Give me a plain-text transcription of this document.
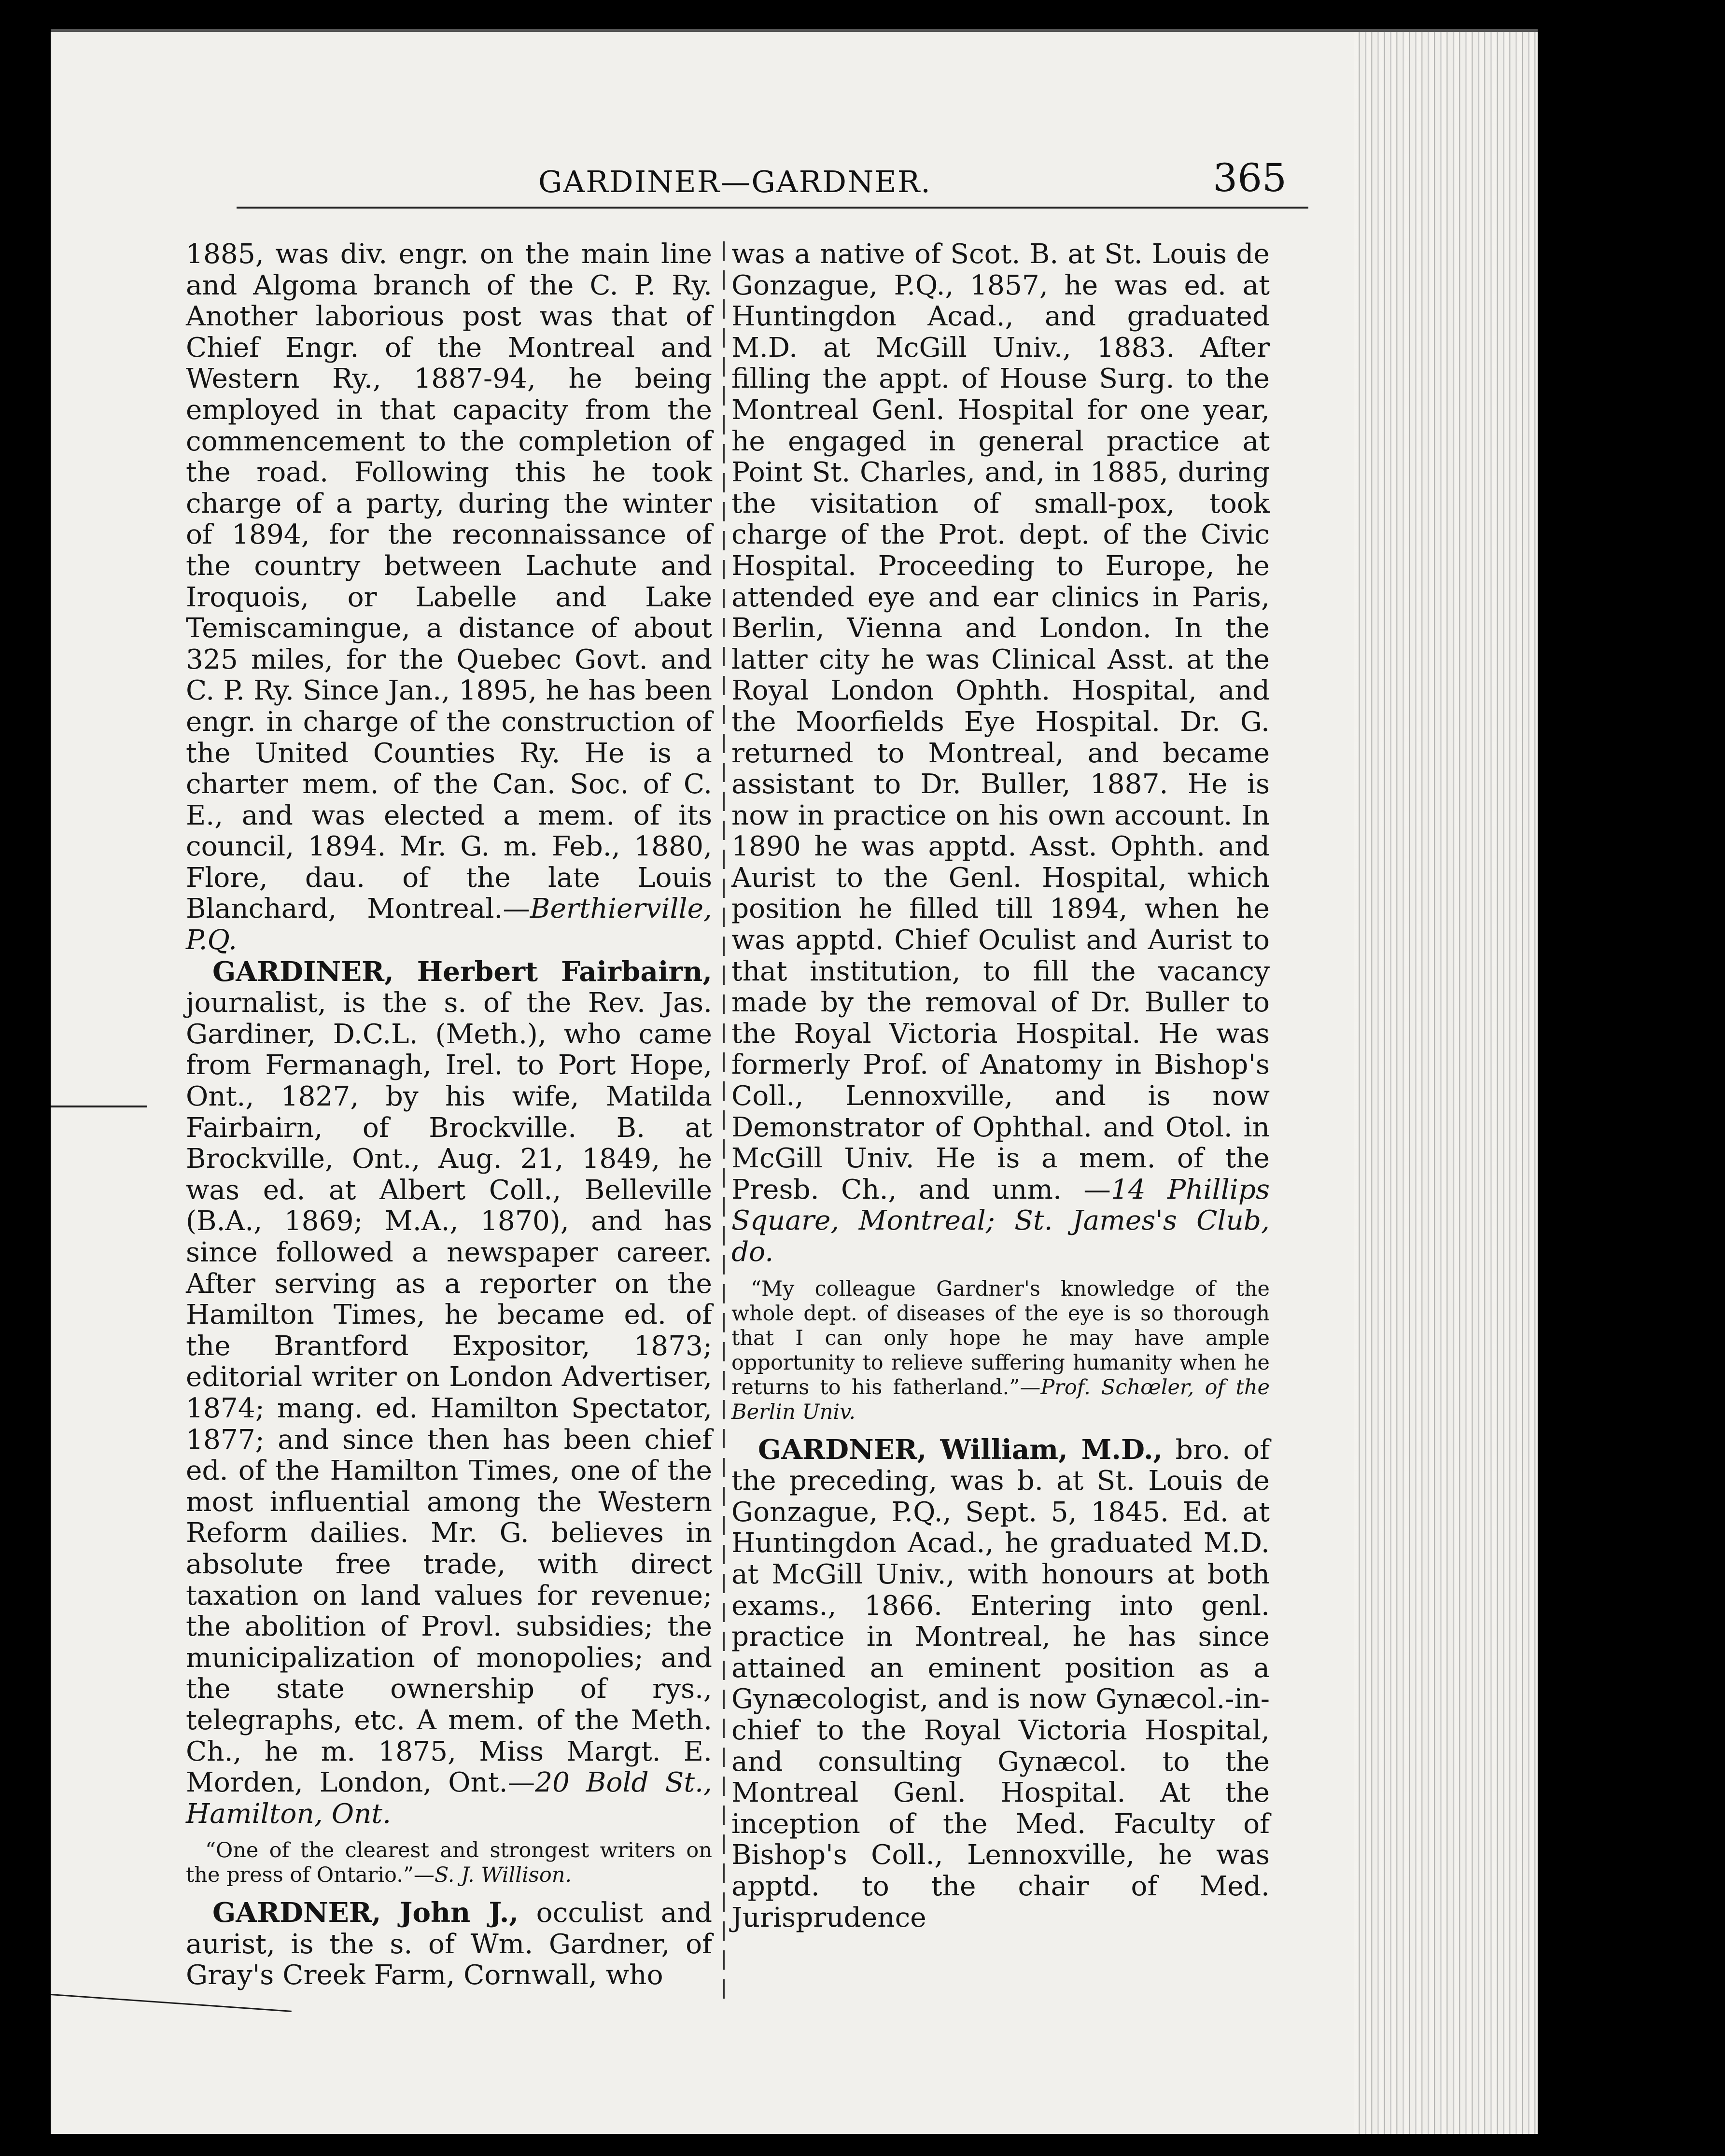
GARDINER—GARDNER.	365

1885, was div. engr. on the main line and Algoma branch of the C. P. Ry. Another laborious post was that of Chief Engr. of the Montreal and Western Ry., 1887-94, he being employed in that capacity from the commencement to the completion of the road. Following this he took charge of a party, during the winter of 1894, for the reconnaissance of the country between Lachute and Iroquois, or Labelle and Lake Temiscamingue, a distance of about 325 miles, for the Quebec Govt. and C. P. Ry. Since Jan., 1895, he has been engr. in charge of the construction of the United Counties Ry. He is a charter mem. of the Can. Soc. of C. E., and was elected a mem. of its council, 1894. Mr. G. m. Feb., 1880, Flore, dau. of the late Louis Blanchard, Montreal.—Berthierville, P.Q.

GARDINER, Herbert Fairbairn, journalist, is the s. of the Rev. Jas. Gardiner, D.C.L. (Meth.), who came from Fermanagh, Irel. to Port Hope, Ont., 1827, by his wife, Matilda Fairbairn, of Brockville. B. at Brockville, Ont., Aug. 21, 1849, he was ed. at Albert Coll., Belleville (B.A., 1869; M.A., 1870), and has since followed a newspaper career. After serving as a reporter on the Hamilton Times, he became ed. of the Brantford Expositor, 1873; editorial writer on London Advertiser, 1874; mang. ed. Hamilton Spectator, 1877; and since then has been chief ed. of the Hamilton Times, one of the most influential among the Western Reform dailies. Mr. G. believes in absolute free trade, with direct taxation on land values for revenue; the abolition of Provl. subsidies; the municipalization of monopolies; and the state ownership of rys., telegraphs, etc. A mem. of the Meth. Ch., he m. 1875, Miss Margt. E. Morden, London, Ont.—20 Bold St., Hamilton, Ont.

“One of the clearest and strongest writers on the press of Ontario.”—S. J. Willison.

GARDNER, John J., occulist and aurist, is the s. of Wm. Gardner, of Gray's Creek Farm, Cornwall, who

was a native of Scot. B. at St. Louis de Gonzague, P.Q., 1857, he was ed. at Huntingdon Acad., and graduated M.D. at McGill Univ., 1883. After filling the appt. of House Surg. to the Montreal Genl. Hospital for one year, he engaged in general practice at Point St. Charles, and, in 1885, during the visitation of small-pox, took charge of the Prot. dept. of the Civic Hospital. Proceeding to Europe, he attended eye and ear clinics in Paris, Berlin, Vienna and London. In the latter city he was Clinical Asst. at the Royal London Ophth. Hospital, and the Moorfields Eye Hospital. Dr. G. returned to Montreal, and became assistant to Dr. Buller, 1887. He is now in practice on his own account. In 1890 he was apptd. Asst. Ophth. and Aurist to the Genl. Hospital, which position he filled till 1894, when he was apptd. Chief Oculist and Aurist to that institution, to fill the vacancy made by the removal of Dr. Buller to the Royal Victoria Hospital. He was formerly Prof. of Anatomy in Bishop's Coll., Lennoxville, and is now Demonstrator of Ophthal. and Otol. in McGill Univ. He is a mem. of the Presb. Ch., and unm. —14 Phillips Square, Montreal; St. James's Club, do.

“My colleague Gardner's knowledge of the whole dept. of diseases of the eye is so thorough that I can only hope he may have ample opportunity to relieve suffering humanity when he returns to his fatherland.”—Prof. Schœler, of the Berlin Univ.

GARDNER, William, M.D., bro. of the preceding, was b. at St. Louis de Gonzague, P.Q., Sept. 5, 1845. Ed. at Huntingdon Acad., he graduated M.D. at McGill Univ., with honours at both exams., 1866. Entering into genl. practice in Montreal, he has since attained an eminent position as a Gynæcologist, and is now Gynæcol.-in-chief to the Royal Victoria Hospital, and consulting Gynæcol. to the Montreal Genl. Hospital. At the inception of the Med. Faculty of Bishop's Coll., Lennoxville, he was apptd. to the chair of Med. Jurisprudence
